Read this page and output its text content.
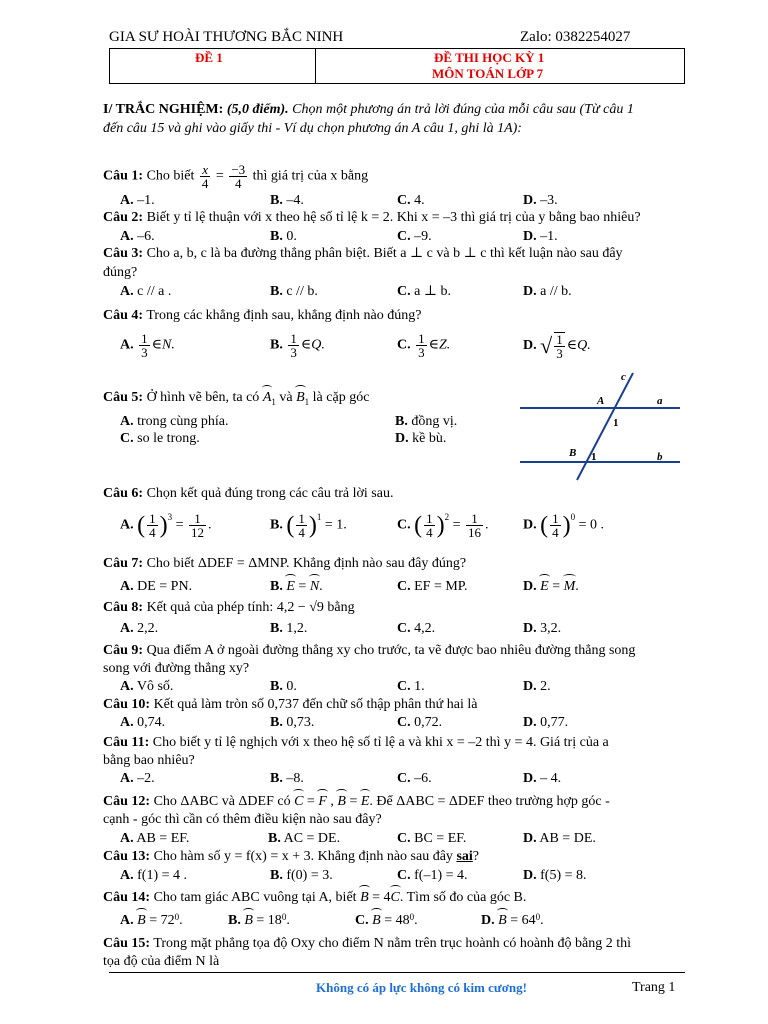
GIA SƯ HOÀI THƯƠNG BẮC NINH	Zalo: 0382254027
ĐỀ 1	ĐỀ THI HỌC KỲ 1
MÔN TOÁN LỚP 7
I/ TRẮC NGHIỆM: (5,0 điểm). Chọn một phương án trả lời đúng của mỗi câu sau (Từ câu 1
đến câu 15 và ghi vào giấy thi - Ví dụ chọn phương án A câu 1, ghi là 1A):
Câu 1: Cho biết $\frac{x}{4} = \frac{-3}{4}$ thì giá trị của x bằng
A. –1.	B. –4.	C. 4.	D. –3.
Câu 2: Biết y tỉ lệ thuận với x theo hệ số tỉ lệ k = 2. Khi x = –3 thì giá trị của y bằng bao nhiêu?
A. –6.	B. 0.	C. –9.	D. –1.
Câu 3: Cho a, b, c là ba đường thẳng phân biệt. Biết a ⊥ c và b ⊥ c thì kết luận nào sau đây
đúng?
A. c // a .	B. c // b.	C. a ⊥ b.	D. a // b.
Câu 4: Trong các khẳng định sau, khẳng định nào đúng?
A. $\frac{1}{3}$ ∈N.	B. $\frac{1}{3}$ ∈Q.	C. $\frac{1}{3}$ ∈Z.	D. √ $\frac{1}{3}$ ∈Q.
Câu 5: Ở hình vẽ bên, ta có $A_1$ và $B_1$ là cặp góc
A. trong cùng phía.	B. đồng vị.
C. so le trong.	D. kề bù.
c
A	a
1
B 1	b
Câu 6: Chọn kết quả đúng trong các câu trả lời sau.
A. ( $\frac{1}{4} )^3 = \frac{1}{12}$ .	B. ( $\frac{1}{4} )^1 = 1$.	C. ( $\frac{1}{4} )^2 = \frac{1}{16}$ . D. ( $\frac{1}{4} )^0 = 0$ .
Câu 7: Cho biết ΔDEF = ΔMNP. Khẳng định nào sau đây đúng?
A. DE = PN.	B. E = N.	C. EF = MP.	D. E = M.
Câu 8: Kết quả của phép tính: 4,2 − √9 bằng
A. 2,2.	B. 1,2.	C. 4,2.	D. 3,2.
Câu 9: Qua điểm A ở ngoài đường thẳng xy cho trước, ta vẽ được bao nhiêu đường thẳng song
song với đường thẳng xy?
A. Vô số.	B. 0.	C. 1.	D. 2.
Câu 10: Kết quả làm tròn số 0,737 đến chữ số thập phân thứ hai là
A. 0,74.	B. 0,73.	C. 0,72.	D. 0,77.
Câu 11: Cho biết y tỉ lệ nghịch với x theo hệ số tỉ lệ a và khi x = –2 thì y = 4. Giá trị của a
bằng bao nhiêu?
A. –2.	B. –8.	C. –6.	D. – 4.
Câu 12: Cho ΔABC và ΔDEF có C = F , B = E. Để ΔABC = ΔDEF theo trường hợp góc -
cạnh - góc thì cần có thêm điều kiện nào sau đây?
A. AB = EF.	B. AC = DE.	C. BC = EF.	D. AB = DE.
Câu 13: Cho hàm số y = f(x) = x + 3. Khẳng định nào sau đây sai?
A. f(1) = 4 .	B. f(0) = 3.	C. f(–1) = 4.	D. f(5) = 8.
Câu 14: Cho tam giác ABC vuông tại A, biết B = 4C. Tìm số đo của góc B.
A. $B = 72^0$.	B. $B = 18^0$.	C. $B = 48^0$.	D. $B = 64^0$.
Câu 15: Trong mặt phẳng tọa độ Oxy cho điểm N nằm trên trục hoành có hoành độ bằng 2 thì
tọa độ của điểm N là
Không có áp lực không có kim cương!	Trang 1
